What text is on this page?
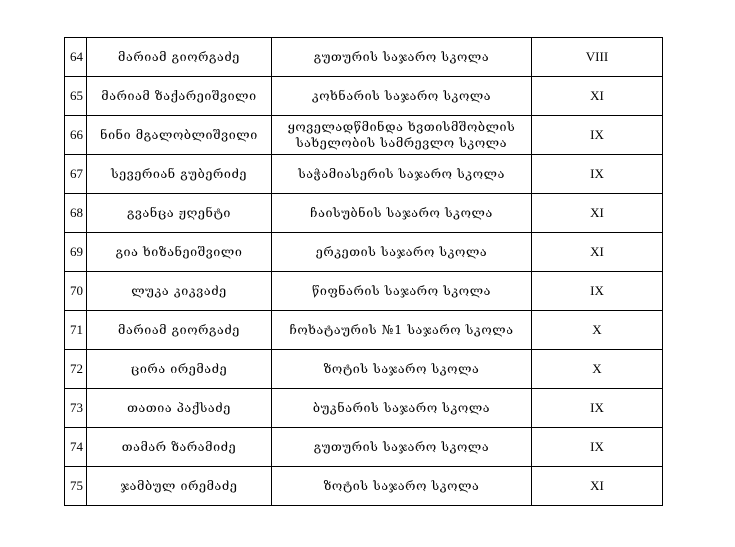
64	მარიამ გიორგაძე	გუთურის საჯარო სკოლა	VIII
65	მარიამ ზაქარეიშვილი	კოხნარის საჯარო სკოლა	XI
66	ნინი მგალობლიშვილი	ყოველადწმინდა ხვთისმშობლის
სახელობის სამრევლო სკოლა	IX
67	სევერიან გუბერიძე	საჭამიასერის საჯარო სკოლა	IX
68	გვანცა ჟღენტი	ჩაისუბნის საჯარო სკოლა	XI
69	გია ხიზანეიშვილი	ერკეთის საჯარო სკოლა	XI
70	ლუკა კიკვაძე	წიფნარის საჯარო სკოლა	IX
71	მარიამ გიორგაძე	ჩოხატაურის №1 საჯარო სკოლა	X
72	ცირა ირემაძე	ზოტის საჯარო სკოლა	X
73	თათია პაქსაძე	ბუკნარის საჯარო სკოლა	IX
74	თამარ ზარამიძე	გუთურის საჯარო სკოლა	IX
75	ჯამბულ ირემაძე	ზოტის საჯარო სკოლა	XI
